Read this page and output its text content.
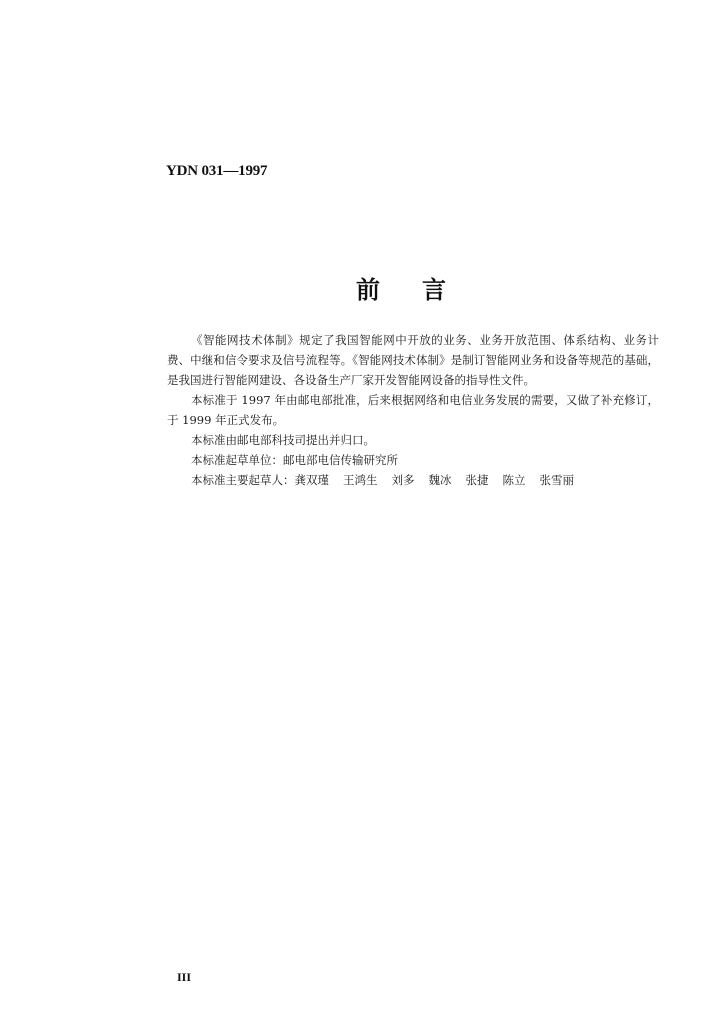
YDN 031—1997
前 言

《智能网技术体制》规定了我国智能网中开放的业务、业务开放范围、体系结构、业务计费、中继和信令要求及信号流程等。《智能网技术体制》是制订智能网业务和设备等规范的基础，是我国进行智能网建设、各设备生产厂家开发智能网设备的指导性文件。

本标准于 1997 年由邮电部批准，后来根据网络和电信业务发展的需要，又做了补充修订，于 1999 年正式发布。

本标准由邮电部科技司提出并归口。

本标准起草单位：邮电部电信传输研究所

本标准主要起草人：龚双瑾 王鸿生 刘多 魏冰 张捷 陈立 张雪丽

III
